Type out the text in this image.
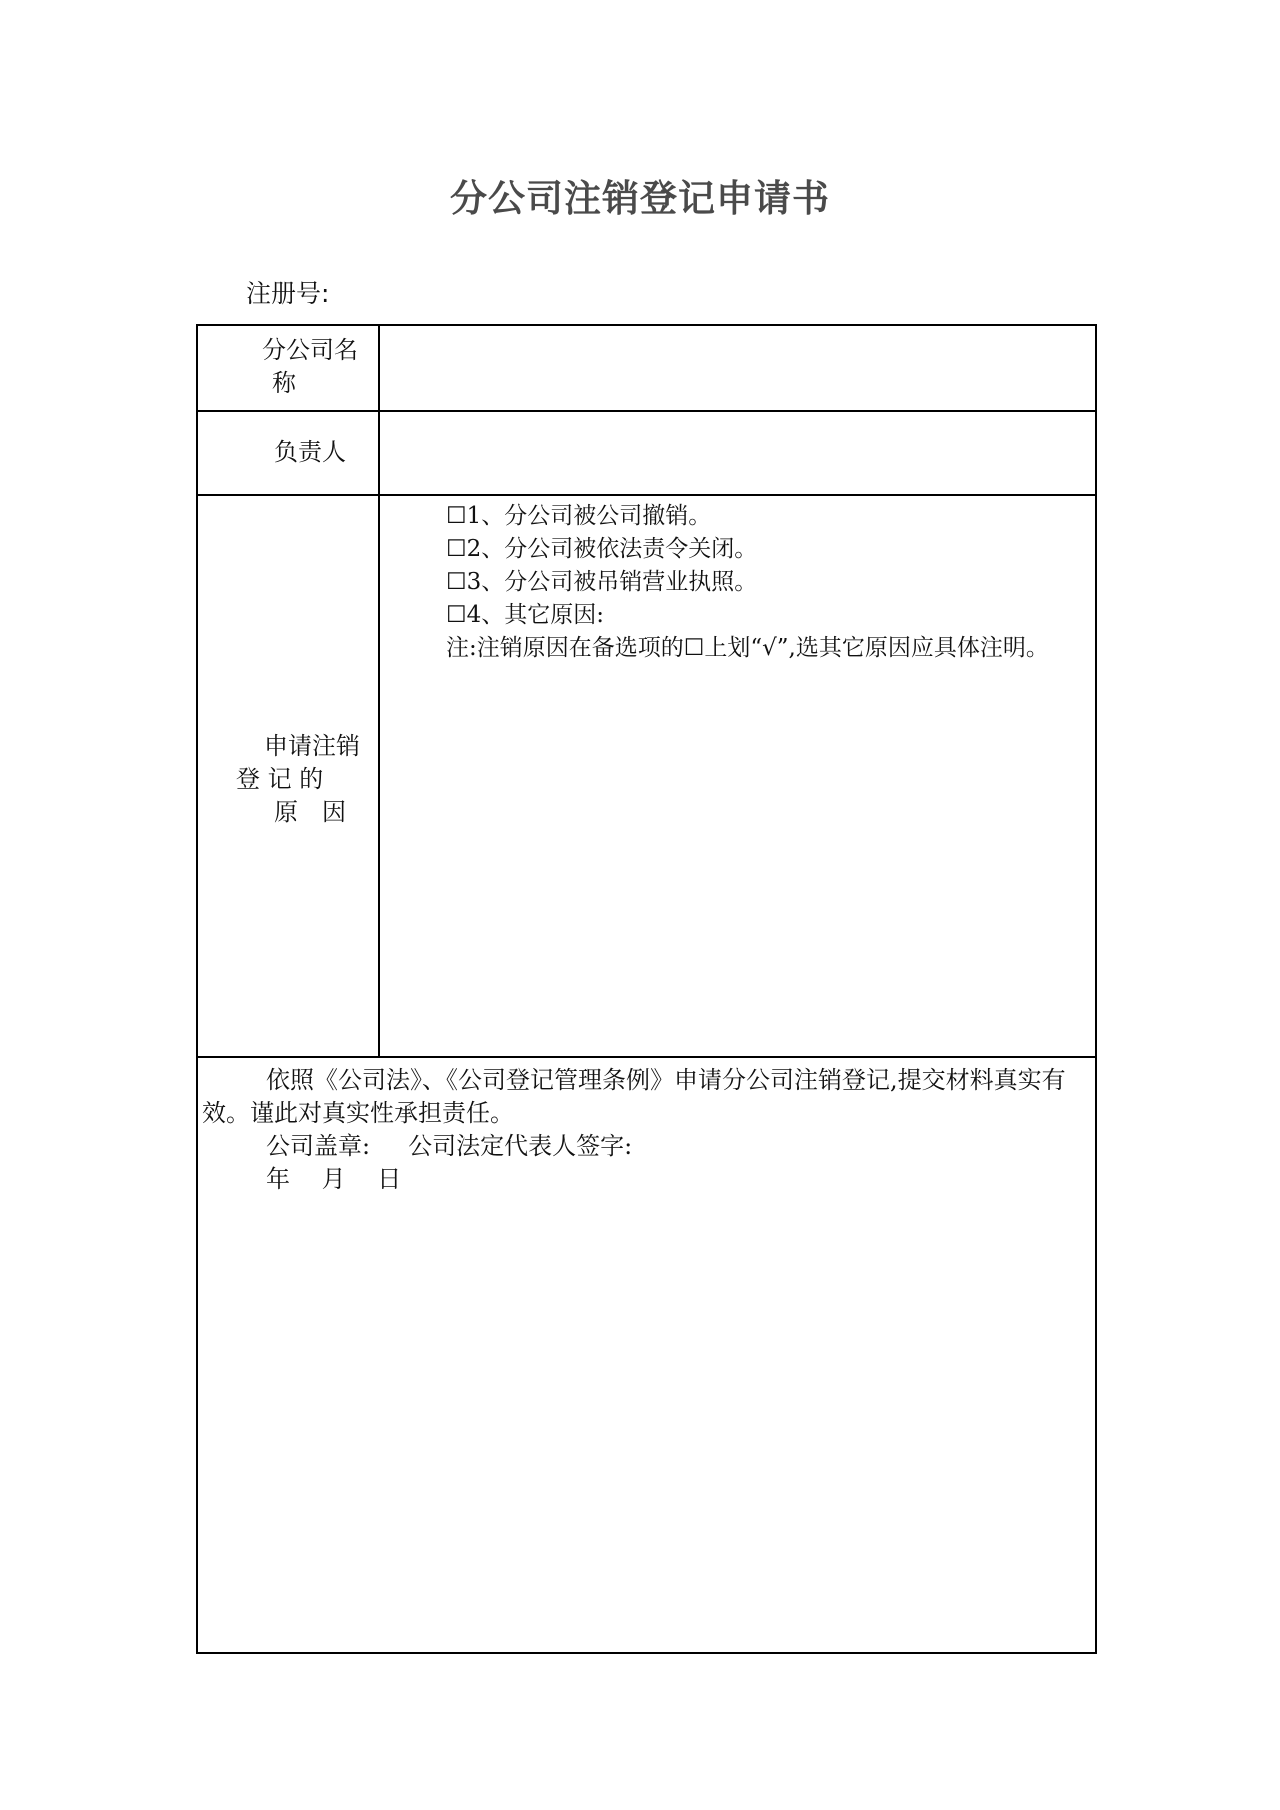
分公司注销登记申请书
注册号:
分公司名
称
负责人
申请注销
登 记 的
原　因
☐1、分公司被公司撤销。
☐2、分公司被依法责令关闭。
☐3、分公司被吊销营业执照。
☐4、其它原因:
注:注销原因在备选项的☐上划“√”,选其它原因应具体注明。
依照《公司法》、《公司登记管理条例》申请分公司注销登记,提交材料真实有效。谨此对真实性承担责任。
公司盖章: 公司法定代表人签字:
年　 月　 日
